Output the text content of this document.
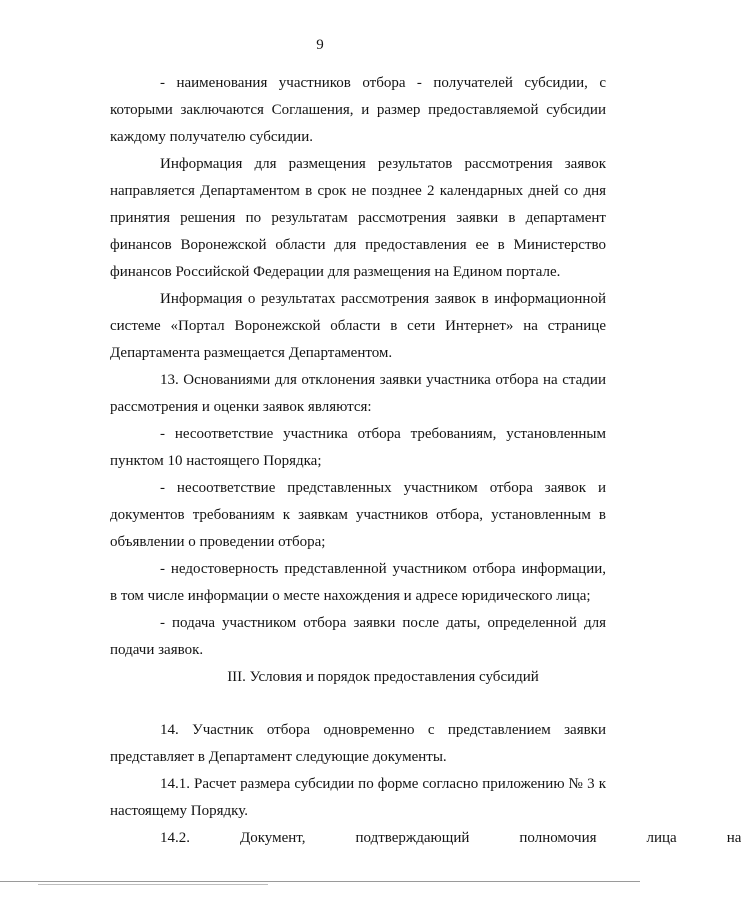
9

- наименования участников отбора - получателей субсидии, с которыми заключаются Соглашения, и размер предоставляемой субсидии каждому получателю субсидии.

Информация для размещения результатов рассмотрения заявок направляется Департаментом в срок не позднее 2 календарных дней со дня принятия решения по результатам рассмотрения заявки в департамент финансов Воронежской области для предоставления ее в Министерство финансов Российской Федерации для размещения на Едином портале.

Информация о результатах рассмотрения заявок в информационной системе «Портал Воронежской области в сети Интернет» на странице Департамента размещается Департаментом.

13. Основаниями для отклонения заявки участника отбора на стадии рассмотрения и оценки заявок являются:

- несоответствие участника отбора требованиям, установленным пунктом 10 настоящего Порядка;

- несоответствие представленных участником отбора заявок и документов требованиям к заявкам участников отбора, установленным в объявлении о проведении отбора;

- недостоверность представленной участником отбора информации, в том числе информации о месте нахождения и адресе юридического лица;

- подача участником отбора заявки после даты, определенной для подачи заявок.

III. Условия и порядок предоставления субсидий

14. Участник отбора одновременно с представлением заявки представляет в Департамент следующие документы.

14.1. Расчет размера субсидии по форме согласно приложению № 3 к настоящему Порядку.

14.2.	Документ,	подтверждающий	полномочия	лица	на
